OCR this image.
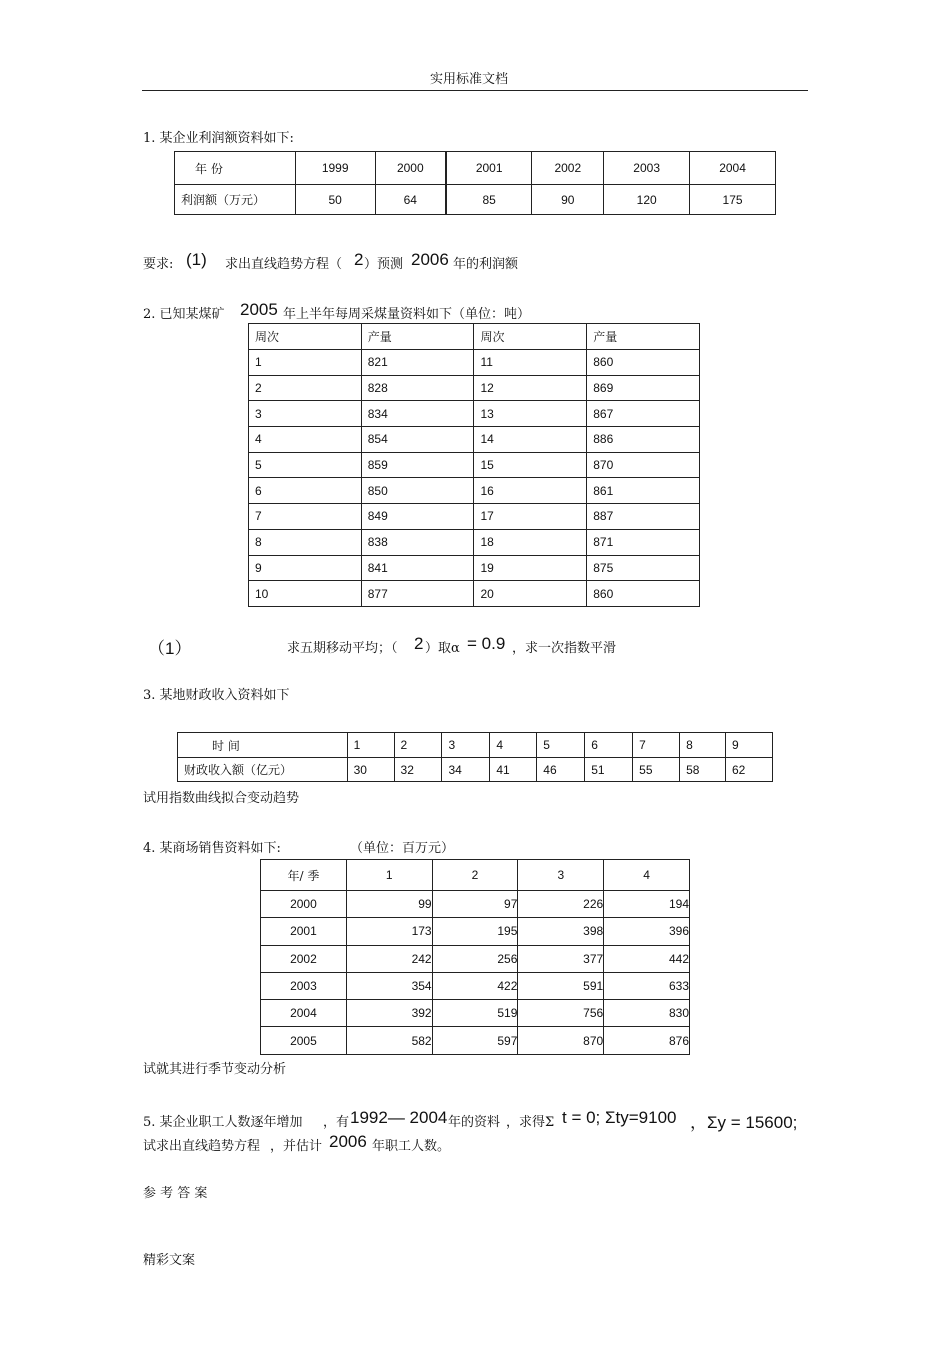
实用标准文档
1. 某企业利润额资料如下:
年 份	1999	2000	2001	2002	2003	2004
利润额（万元）	50	64	85	90	120	175
要求: (1) 求出直线趋势方程（ 2 ）预测 2006 年的利润额
2. 已知某煤矿 2005 年上半年每周采煤量资料如下（单位：吨）
周次	产量	周次	产量
1	821	11	860
2	828	12	869
3	834	13	867
4	854	14	886
5	859	15	870
6	850	16	861
7	849	17	887
8	838	18	871
9	841	19	875
10	877	20	860
（1）	求五期移动平均；（ 2 ）取α = 0.9 ，求一次指数平滑
3. 某地财政收入资料如下
时 间	1	2	3	4	5	6	7	8	9
财政收入额（亿元）	30	32	34	41	46	51	55	58	62
试用指数曲线拟合变动趋势
4. 某商场销售资料如下:	（单位：百万元）
年/ 季	1	2	3	4
2000	99	97	226	194
2001	173	195	398	396
2002	242	256	377	442
2003	354	422	591	633
2004	392	519	756	830
2005	582	597	870	876
试就其进行季节变动分析
5. 某企业职工人数逐年增加 ，有 1992— 2004 年的资料 ，求得Σ t = 0; Σty=9100 ，Σy = 15600;
试求出直线趋势方程 ，并估计 2006 年职工人数。
参 考 答 案
精彩文案
